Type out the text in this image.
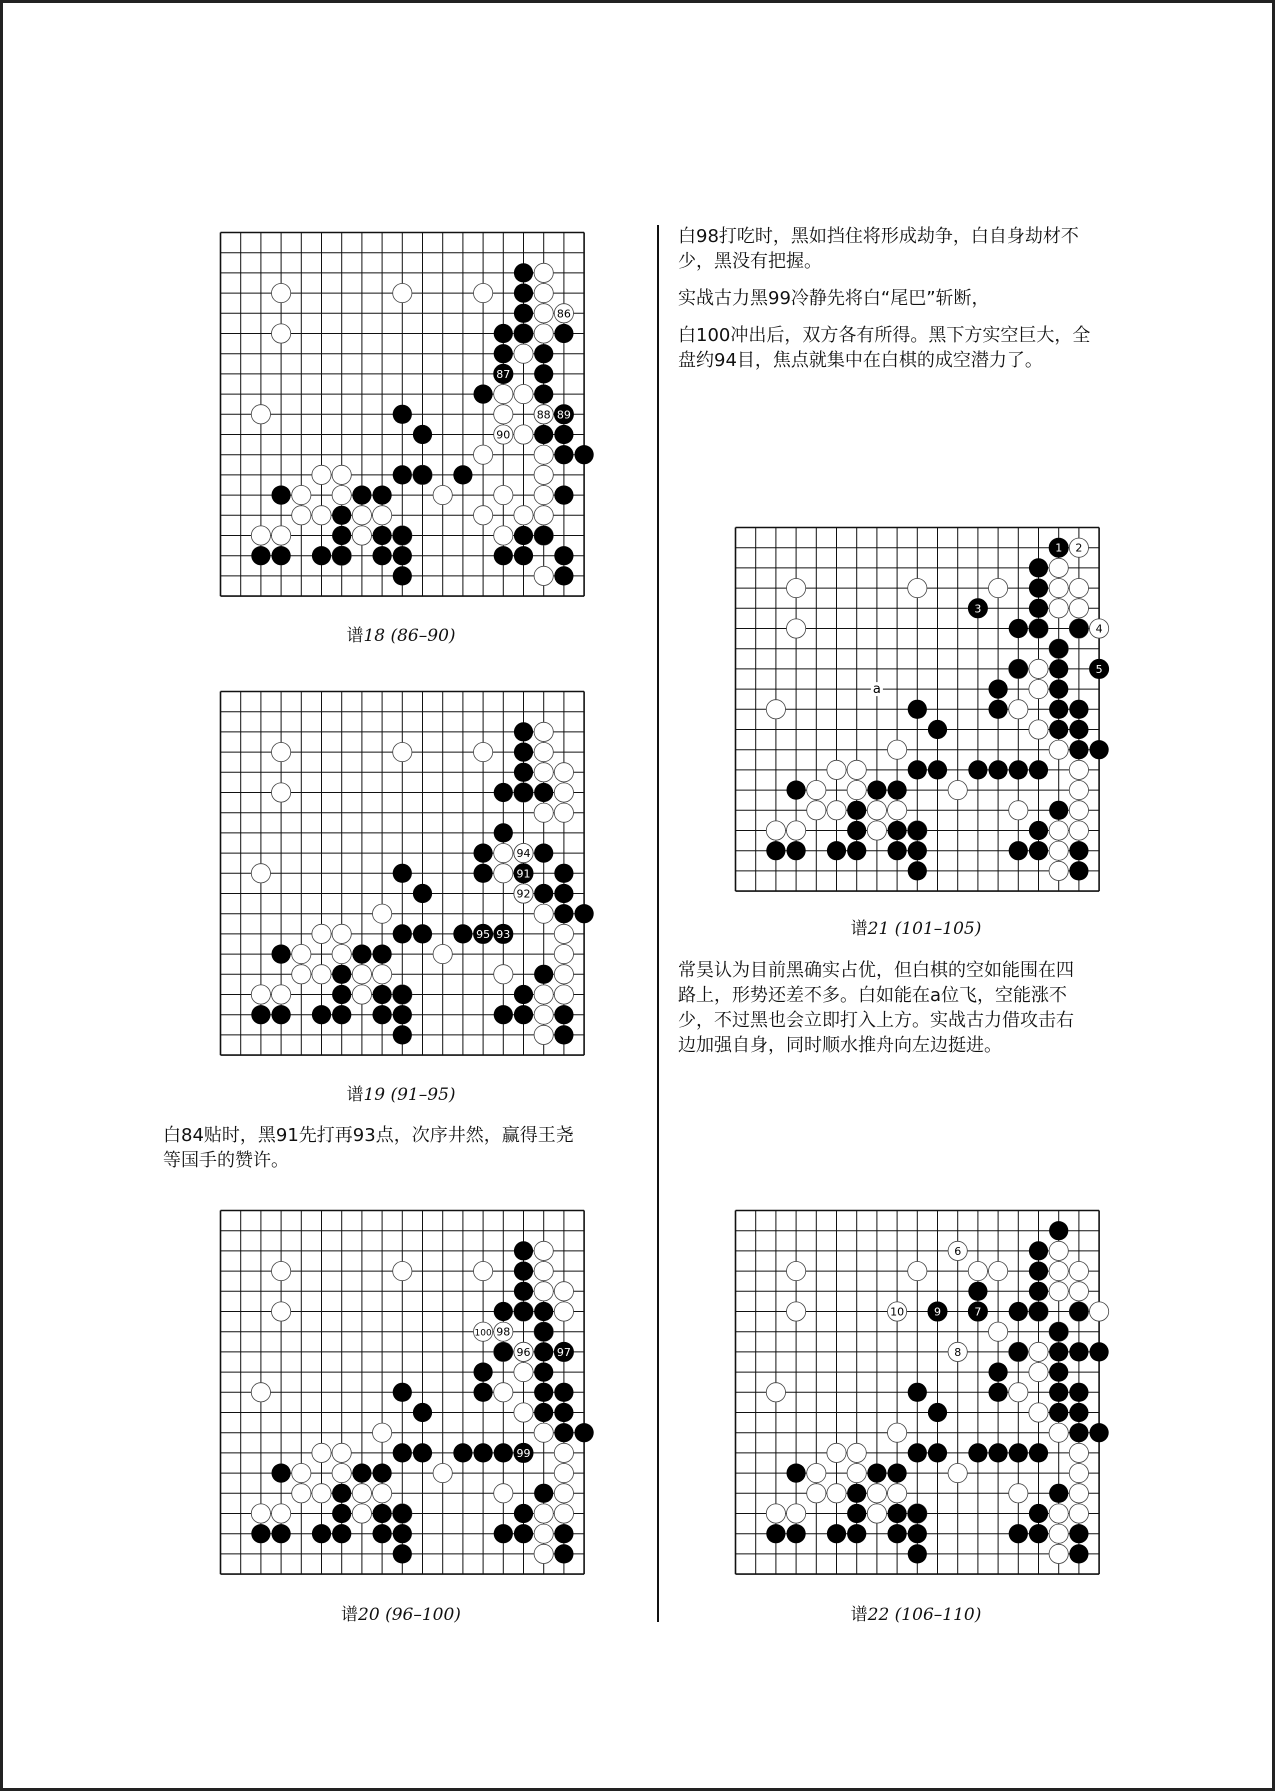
86
87
88 89
90
谱18 (86–90)
94
91
92
95 93
谱19 (91–95)
白84贴时，黑91先打再93点，次序井然，赢得王尧
等国手的赞许。
100 98
96 97
99
谱20 (96–100)
白98打吃时，黑如挡住将形成劫争，白自身劫材不
少，黑没有把握。
实战古力黑99冷静先将白“尾巴”斩断，
白100冲出后，双方各有所得。黑下方实空巨大，全
盘约94目，焦点就集中在白棋的成空潜力了。
1 2
3
4
5
a
谱21 (101–105)
常昊认为目前黑确实占优，但白棋的空如能围在四
路上，形势还差不多。白如能在a位飞，空能涨不
少，不过黑也会立即打入上方。实战古力借攻击右
边加强自身，同时顺水推舟向左边挺进。
6
10	9	7
8
谱22 (106–110)
